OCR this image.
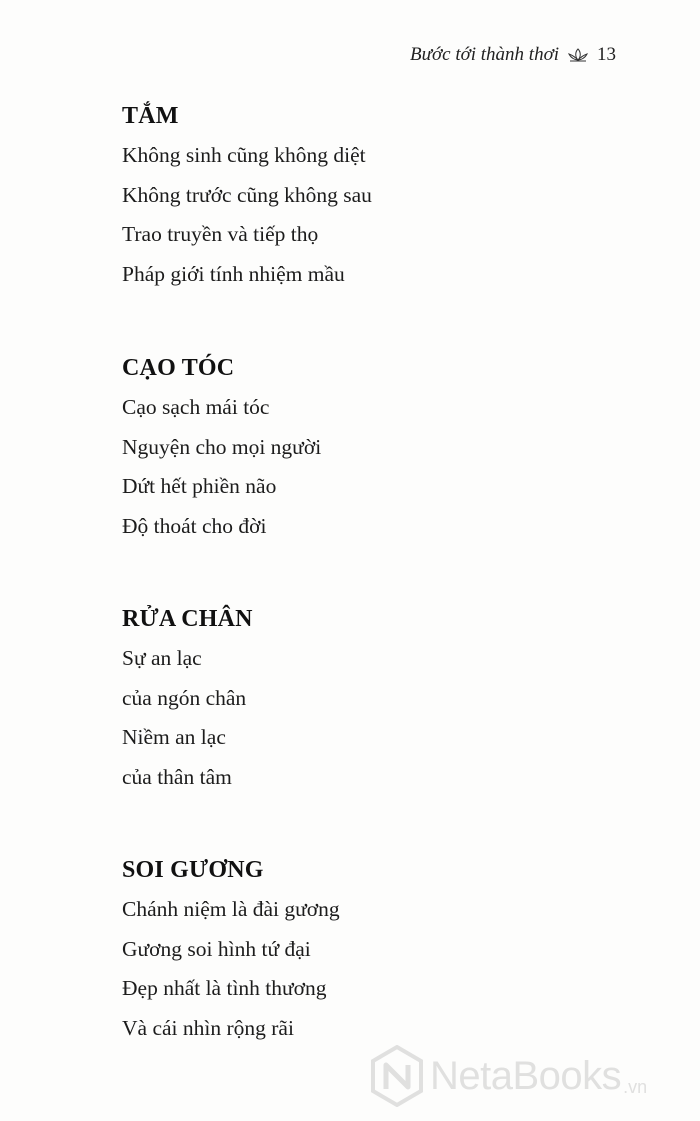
Bước tới thành thơi 13
TẮM

Không sinh cũng không diệt

Không trước cũng không sau

Trao truyền và tiếp thọ

Pháp giới tính nhiệm mầu

CẠO TÓC

Cạo sạch mái tóc

Nguyện cho mọi người

Dứt hết phiền não

Độ thoát cho đời

RỬA CHÂN

Sự an lạc

của ngón chân

Niềm an lạc

của thân tâm

SOI GƯƠNG

Chánh niệm là đài gương

Gương soi hình tứ đại

Đẹp nhất là tình thương

Và cái nhìn rộng rãi

NetaBooks .vn
